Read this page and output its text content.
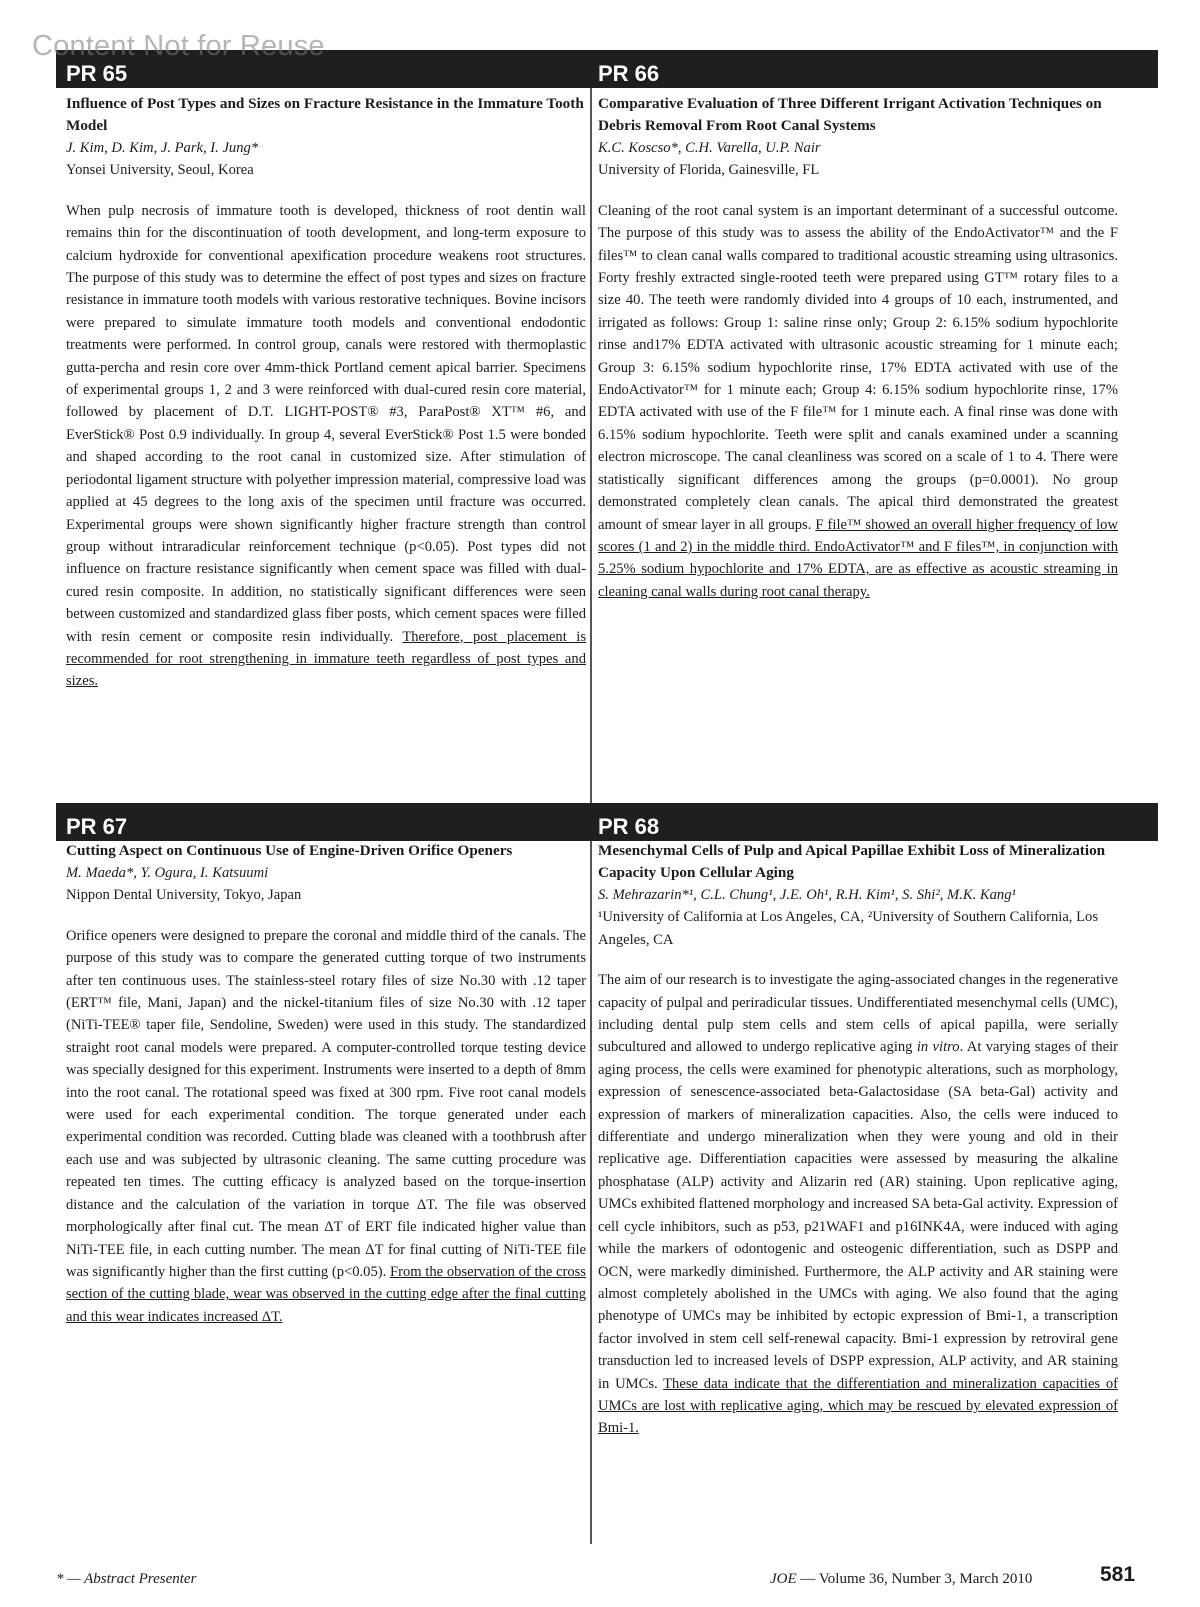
Content Not for Reuse
PR 65	PR 66
PR 67	PR 68
Influence of Post Types and Sizes on Fracture Resistance in the Immature Tooth Model
J. Kim, D. Kim, J. Park, I. Jung*
Yonsei University, Seoul, Korea
When pulp necrosis of immature tooth is developed, thickness of root dentin wall remains thin for the discontinuation of tooth development, and long-term exposure to calcium hydroxide for conventional apexification procedure weakens root structures. The purpose of this study was to determine the effect of post types and sizes on fracture resistance in immature tooth models with various restorative techniques. Bovine incisors were prepared to simulate immature tooth models and conventional endodontic treatments were performed. In control group, canals were restored with thermoplastic gutta-percha and resin core over 4mm-thick Portland cement apical barrier. Specimens of experimental groups 1, 2 and 3 were reinforced with dual-cured resin core material, followed by placement of D.T. LIGHT-POST® #3, ParaPost® XT™ #6, and EverStick® Post 0.9 individually. In group 4, several EverStick® Post 1.5 were bonded and shaped according to the root canal in customized size. After stimulation of periodontal ligament structure with polyether impression material, compressive load was applied at 45 degrees to the long axis of the specimen until fracture was occurred. Experimental groups were shown significantly higher fracture strength than control group without intraradicular reinforcement technique (p<0.05). Post types did not influence on fracture resistance significantly when cement space was filled with dual-cured resin composite. In addition, no statistically significant differences were seen between customized and standardized glass fiber posts, which cement spaces were filled with resin cement or composite resin individually. Therefore, post placement is recommended for root strengthening in immature teeth regardless of post types and sizes.
Comparative Evaluation of Three Different Irrigant Activation Techniques on Debris Removal From Root Canal Systems
K.C. Koscso*, C.H. Varella, U.P. Nair
University of Florida, Gainesville, FL
Cleaning of the root canal system is an important determinant of a successful outcome. The purpose of this study was to assess the ability of the EndoActivator™ and the F files™ to clean canal walls compared to traditional acoustic streaming using ultrasonics. Forty freshly extracted single-rooted teeth were prepared using GT™ rotary files to a size 40. The teeth were randomly divided into 4 groups of 10 each, instrumented, and irrigated as follows: Group 1: saline rinse only; Group 2: 6.15% sodium hypochlorite rinse and17% EDTA activated with ultrasonic acoustic streaming for 1 minute each; Group 3: 6.15% sodium hypochlorite rinse, 17% EDTA activated with use of the EndoActivator™ for 1 minute each; Group 4: 6.15% sodium hypochlorite rinse, 17% EDTA activated with use of the F file™ for 1 minute each. A final rinse was done with 6.15% sodium hypochlorite. Teeth were split and canals examined under a scanning electron microscope. The canal cleanliness was scored on a scale of 1 to 4. There were statistically significant differences among the groups (p=0.0001). No group demonstrated completely clean canals. The apical third demonstrated the greatest amount of smear layer in all groups. F file™ showed an overall higher frequency of low scores (1 and 2) in the middle third. EndoActivator™ and F files™, in conjunction with 5.25% sodium hypochlorite and 17% EDTA, are as effective as acoustic streaming in cleaning canal walls during root canal therapy.
Cutting Aspect on Continuous Use of Engine-Driven Orifice Openers
M. Maeda*, Y. Ogura, I. Katsuumi
Nippon Dental University, Tokyo, Japan
Orifice openers were designed to prepare the coronal and middle third of the canals. The purpose of this study was to compare the generated cutting torque of two instruments after ten continuous uses. The stainless-steel rotary files of size No.30 with .12 taper (ERT™ file, Mani, Japan) and the nickel-titanium files of size No.30 with .12 taper (NiTi-TEE® taper file, Sendoline, Sweden) were used in this study. The standardized straight root canal models were prepared. A computer-controlled torque testing device was specially designed for this experiment. Instruments were inserted to a depth of 8mm into the root canal. The rotational speed was fixed at 300 rpm. Five root canal models were used for each experimental condition. The torque generated under each experimental condition was recorded. Cutting blade was cleaned with a toothbrush after each use and was subjected by ultrasonic cleaning. The same cutting procedure was repeated ten times. The cutting efficacy is analyzed based on the torque-insertion distance and the calculation of the variation in torque ΔT. The file was observed morphologically after final cut. The mean ΔT of ERT file indicated higher value than NiTi-TEE file, in each cutting number. The mean ΔT for final cutting of NiTi-TEE file was significantly higher than the first cutting (p<0.05). From the observation of the cross section of the cutting blade, wear was observed in the cutting edge after the final cutting and this wear indicates increased ΔT.
Mesenchymal Cells of Pulp and Apical Papillae Exhibit Loss of Mineralization Capacity Upon Cellular Aging
S. Mehrazarin*¹, C.L. Chung¹, J.E. Oh¹, R.H. Kim¹, S. Shi², M.K. Kang¹
¹University of California at Los Angeles, CA, ²University of Southern California, Los Angeles, CA
The aim of our research is to investigate the aging-associated changes in the regenerative capacity of pulpal and periradicular tissues. Undifferentiated mesenchymal cells (UMC), including dental pulp stem cells and stem cells of apical papilla, were serially subcultured and allowed to undergo replicative aging in vitro. At varying stages of their aging process, the cells were examined for phenotypic alterations, such as morphology, expression of senescence-associated beta-Galactosidase (SA beta-Gal) activity and expression of markers of mineralization capacities. Also, the cells were induced to differentiate and undergo mineralization when they were young and old in their replicative age. Differentiation capacities were assessed by measuring the alkaline phosphatase (ALP) activity and Alizarin red (AR) staining. Upon replicative aging, UMCs exhibited flattened morphology and increased SA beta-Gal activity. Expression of cell cycle inhibitors, such as p53, p21WAF1 and p16INK4A, were induced with aging while the markers of odontogenic and osteogenic differentiation, such as DSPP and OCN, were markedly diminished. Furthermore, the ALP activity and AR staining were almost completely abolished in the UMCs with aging. We also found that the aging phenotype of UMCs may be inhibited by ectopic expression of Bmi-1, a transcription factor involved in stem cell self-renewal capacity. Bmi-1 expression by retroviral gene transduction led to increased levels of DSPP expression, ALP activity, and AR staining in UMCs. These data indicate that the differentiation and mineralization capacities of UMCs are lost with replicative aging, which may be rescued by elevated expression of Bmi-1.
* — Abstract Presenter	JOE — Volume 36, Number 3, March 2010	581
